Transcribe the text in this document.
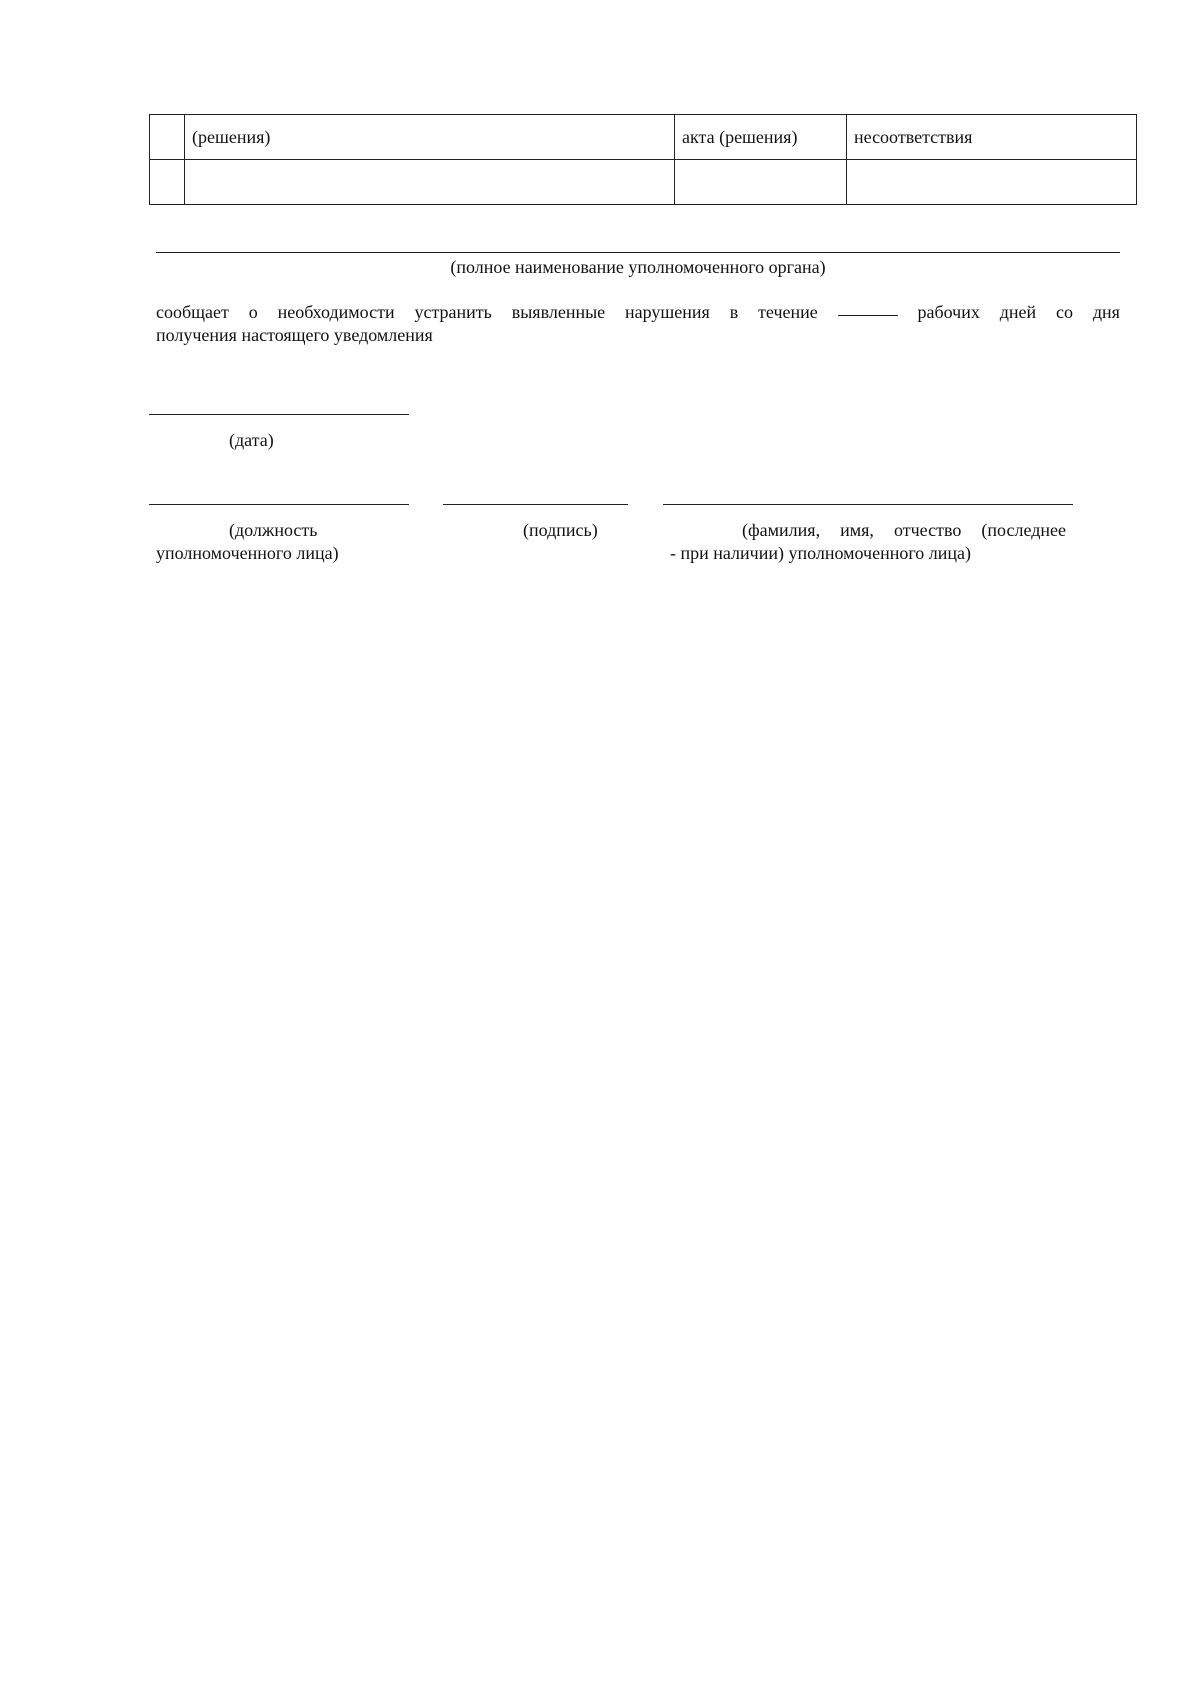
	(решения)	акта (решения)	несоответствия

(полное наименование уполномоченного органа)
сообщает о необходимости устранить выявленные нарушения в течение	рабочих дней со дня
получения настоящего уведомления
(дата)
(должность
уполномоченного лица)
(подпись)	(фамилия, имя, отчество (последнее
- при наличии) уполномоченного лица)
